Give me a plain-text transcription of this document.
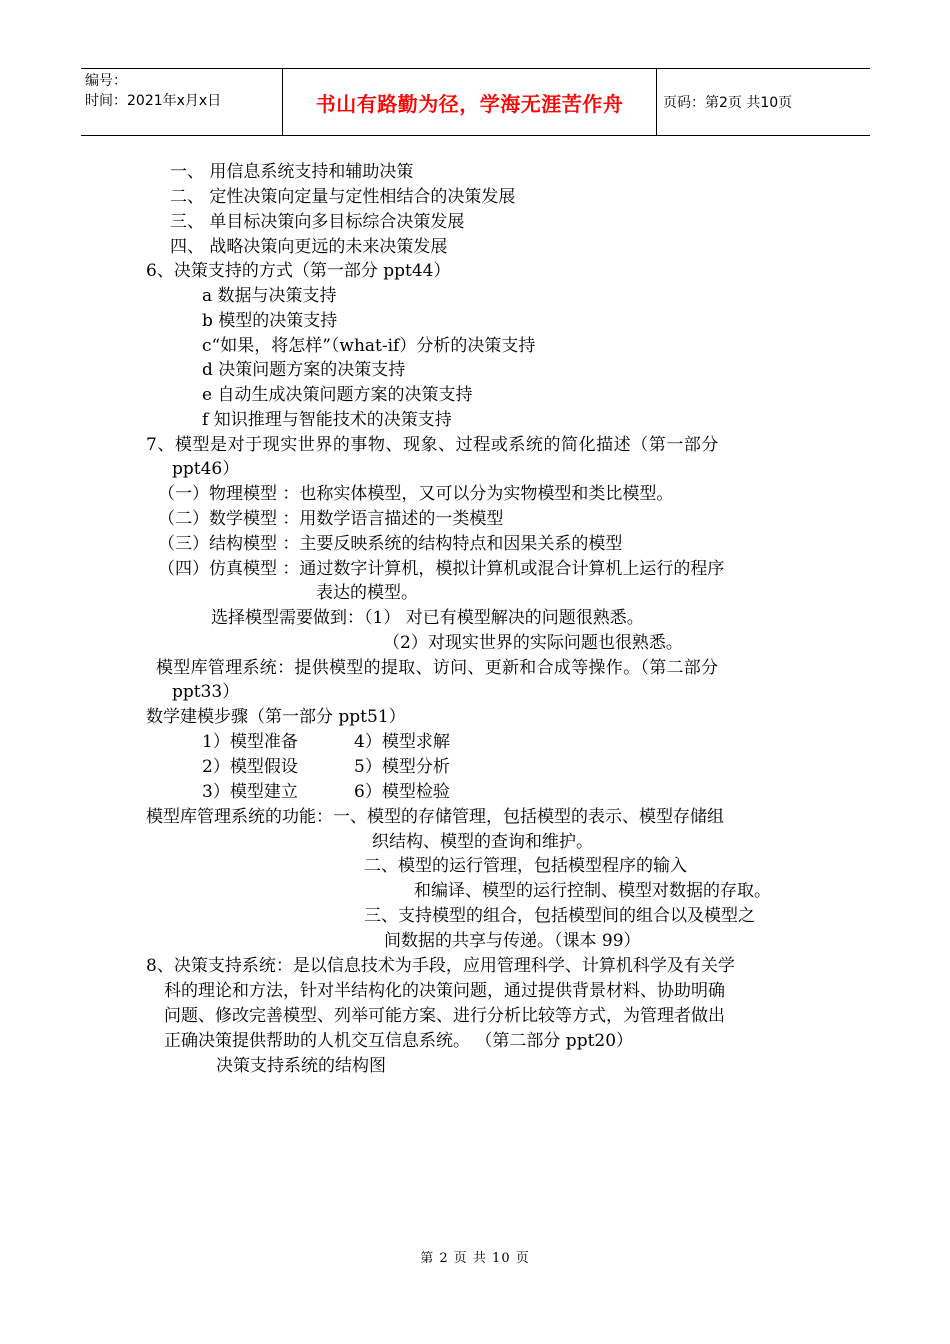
编号：
时间：2021年x月x日	书山有路勤为径，学海无涯苦作舟	页码：第2页 共10页
一、 用信息系统支持和辅助决策
二、 定性决策向定量与定性相结合的决策发展
三、 单目标决策向多目标综合决策发展
四、 战略决策向更远的未来决策发展
6、决策支持的方式（第一部分 ppt44）
a 数据与决策支持
b 模型的决策支持
c“如果，将怎样”（what-if）分析的决策支持
d 决策问题方案的决策支持
e 自动生成决策问题方案的决策支持
f 知识推理与智能技术的决策支持
7、模型是对于现实世界的事物、现象、过程或系统的简化描述（第一部分
ppt46）
（一）物理模型 ：也称实体模型，又可以分为实物模型和类比模型。
（二）数学模型 ：用数学语言描述的一类模型
（三）结构模型 ：主要反映系统的结构特点和因果关系的模型
（四）仿真模型 ：通过数字计算机，模拟计算机或混合计算机上运行的程序
表达的模型。
选择模型需要做到：（1） 对已有模型解决的问题很熟悉。
（2）对现实世界的实际问题也很熟悉。
模型库管理系统：提供模型的提取、访问、更新和合成等操作。（第二部分
ppt33）
数学建模步骤（第一部分 ppt51）
1）模型准备	4）模型求解
2）模型假设	5）模型分析
3）模型建立	6）模型检验
模型库管理系统的功能：一、模型的存储管理，包括模型的表示、模型存储组
织结构、模型的查询和维护。
二、模型的运行管理，包括模型程序的输入
和编译、模型的运行控制、模型对数据的存取。
三、支持模型的组合，包括模型间的组合以及模型之
间数据的共享与传递。（课本 99）
8、决策支持系统：是以信息技术为手段，应用管理科学、计算机科学及有关学
科的理论和方法，针对半结构化的决策问题，通过提供背景材料、协助明确
问题、修改完善模型、列举可能方案、进行分析比较等方式，为管理者做出
正确决策提供帮助的人机交互信息系统。 （第二部分 ppt20）
决策支持系统的结构图
第 2 页 共 10 页
